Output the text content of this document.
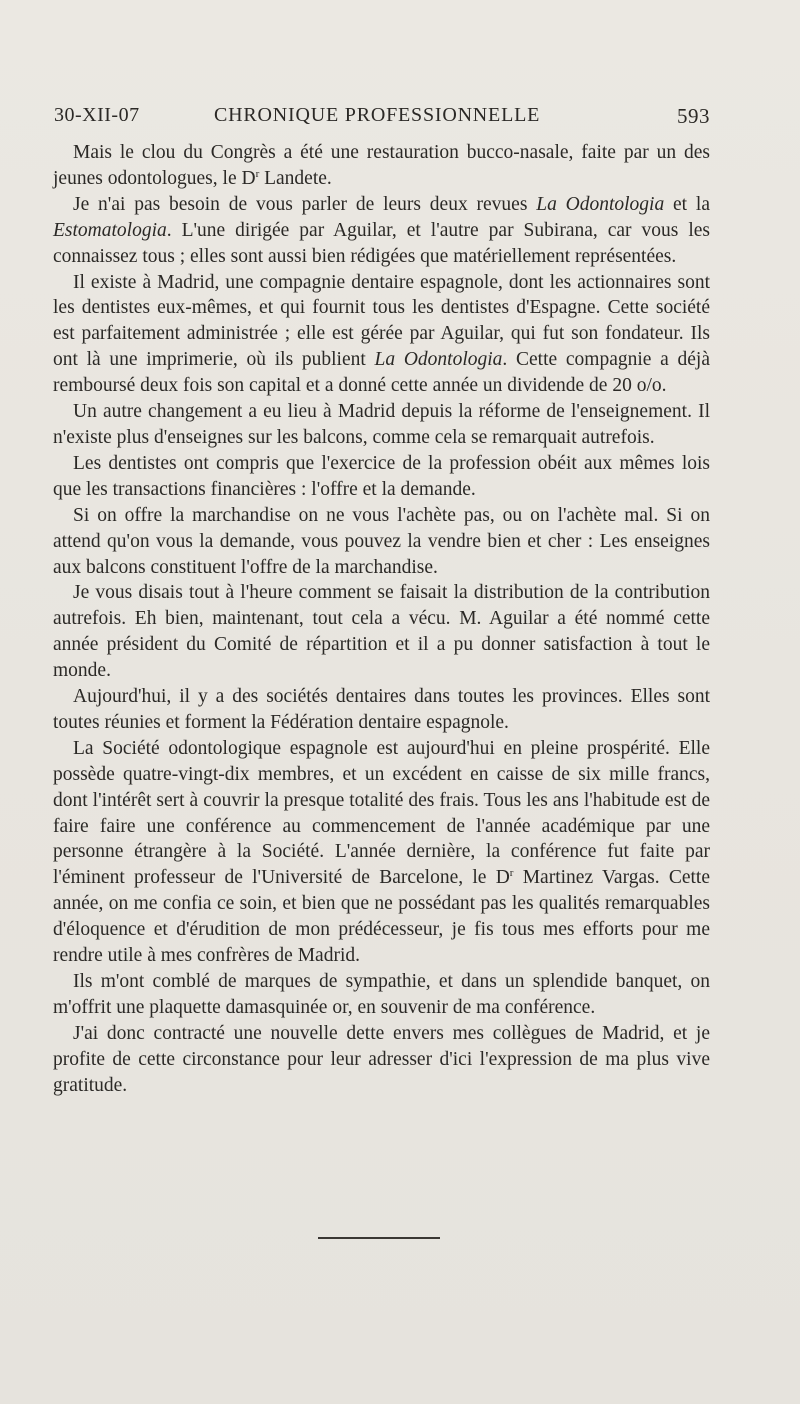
30-XII-07	CHRONIQUE PROFESSIONNELLE	593

Mais le clou du Congrès a été une restauration bucco-nasale, faite par un des jeunes odontologues, le $D^r$ Landete.

Je n'ai pas besoin de vous parler de leurs deux revues La Odontologia et la Estomatologia. L'une dirigée par Aguilar, et l'autre par Subirana, car vous les connaissez tous ; elles sont aussi bien rédigées que matériellement représentées.

Il existe à Madrid, une compagnie dentaire espagnole, dont les actionnaires sont les dentistes eux-mêmes, et qui fournit tous les dentistes d'Espagne. Cette société est parfaitement administrée ; elle est gérée par Aguilar, qui fut son fondateur. Ils ont là une imprimerie, où ils publient La Odontologia. Cette compagnie a déjà remboursé deux fois son capital et a donné cette année un dividende de 20 o/o.

Un autre changement a eu lieu à Madrid depuis la réforme de l'enseignement. Il n'existe plus d'enseignes sur les balcons, comme cela se remarquait autrefois.

Les dentistes ont compris que l'exercice de la profession obéit aux mêmes lois que les transactions financières : l'offre et la demande.

Si on offre la marchandise on ne vous l'achète pas, ou on l'achète mal. Si on attend qu'on vous la demande, vous pouvez la vendre bien et cher : Les enseignes aux balcons constituent l'offre de la marchandise.

Je vous disais tout à l'heure comment se faisait la distribution de la contribution autrefois. Eh bien, maintenant, tout cela a vécu. M. Aguilar a été nommé cette année président du Comité de répartition et il a pu donner satisfaction à tout le monde.

Aujourd'hui, il y a des sociétés dentaires dans toutes les provinces. Elles sont toutes réunies et forment la Fédération dentaire espagnole.

La Société odontologique espagnole est aujourd'hui en pleine prospérité. Elle possède quatre-vingt-dix membres, et un excédent en caisse de six mille francs, dont l'intérêt sert à couvrir la presque totalité des frais. Tous les ans l'habitude est de faire faire une conférence au commencement de l'année académique par une personne étrangère à la Société. L'année dernière, la conférence fut faite par l'éminent professeur de l'Université de Barcelone, le $D^r$ Martinez Vargas. Cette année, on me confia ce soin, et bien que ne possédant pas les qualités remarquables d'éloquence et d'érudition de mon prédécesseur, je fis tous mes efforts pour me rendre utile à mes confrères de Madrid.

Ils m'ont comblé de marques de sympathie, et dans un splendide banquet, on m'offrit une plaquette damasquinée or, en souvenir de ma conférence.

J'ai donc contracté une nouvelle dette envers mes collègues de Madrid, et je profite de cette circonstance pour leur adresser d'ici l'expression de ma plus vive gratitude.
